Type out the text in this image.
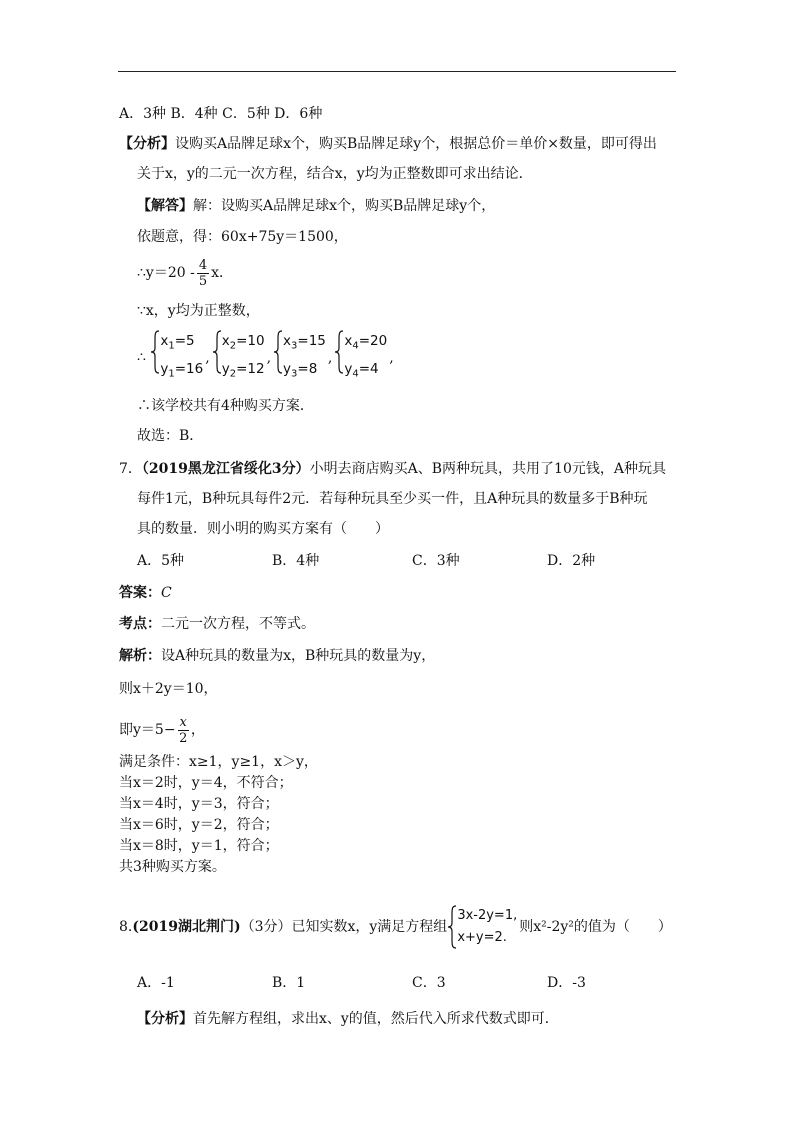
A．3种 B．4种 C．5种 D．6种
【分析】设购买A品牌足球x个，购买B品牌足球y个，根据总价＝单价×数量，即可得出
关于x，y的二元一次方程，结合x，y均为正整数即可求出结论．
【解答】解：设购买A品牌足球x个，购买B品牌足球y个，
依题意，得：60x+75y＝1500，
∴y＝20 - $\frac{4}{5}$ x．
∵x，y均为正整数，
∴
$x_1=5$
$y_1=16$
,
$x_2=10$
$y_2=12$
,
$x_3=15$
$y_3=8$
,
$x_4=20$
$y_4=4$
,
∴该学校共有4种购买方案．
故选：B．
7．（2019黑龙江省绥化3分）小明去商店购买A、B两种玩具，共用了10元钱，A种玩具
每件1元，B种玩具每件2元．若每种玩具至少买一件，且A种玩具的数量多于B种玩
具的数量．则小明的购买方案有（　　）
A．5种	B．4种	C．3种	D．2种
答案：C
考点：二元一次方程，不等式。
解析：设A种玩具的数量为x，B种玩具的数量为y，
则x＋2y＝10，
即$y=5- \frac{x}{2}$ ，
满足条件：x≥1，y≥1，x＞y，
当x＝2时，y＝4，不符合；
当x＝4时，y＝3，符合；
当x＝6时，y＝2，符合；
当x＝8时，y＝1，符合；
共3种购买方案。
8.(2019湖北荆门)（3分）已知实数x，y满足方程组
3x-2y=1,
x+y=2.
则x²-2y²的值为（　　）
A．-1	B．1	C．3	D．-3
【分析】首先解方程组，求出x、y的值，然后代入所求代数式即可．
